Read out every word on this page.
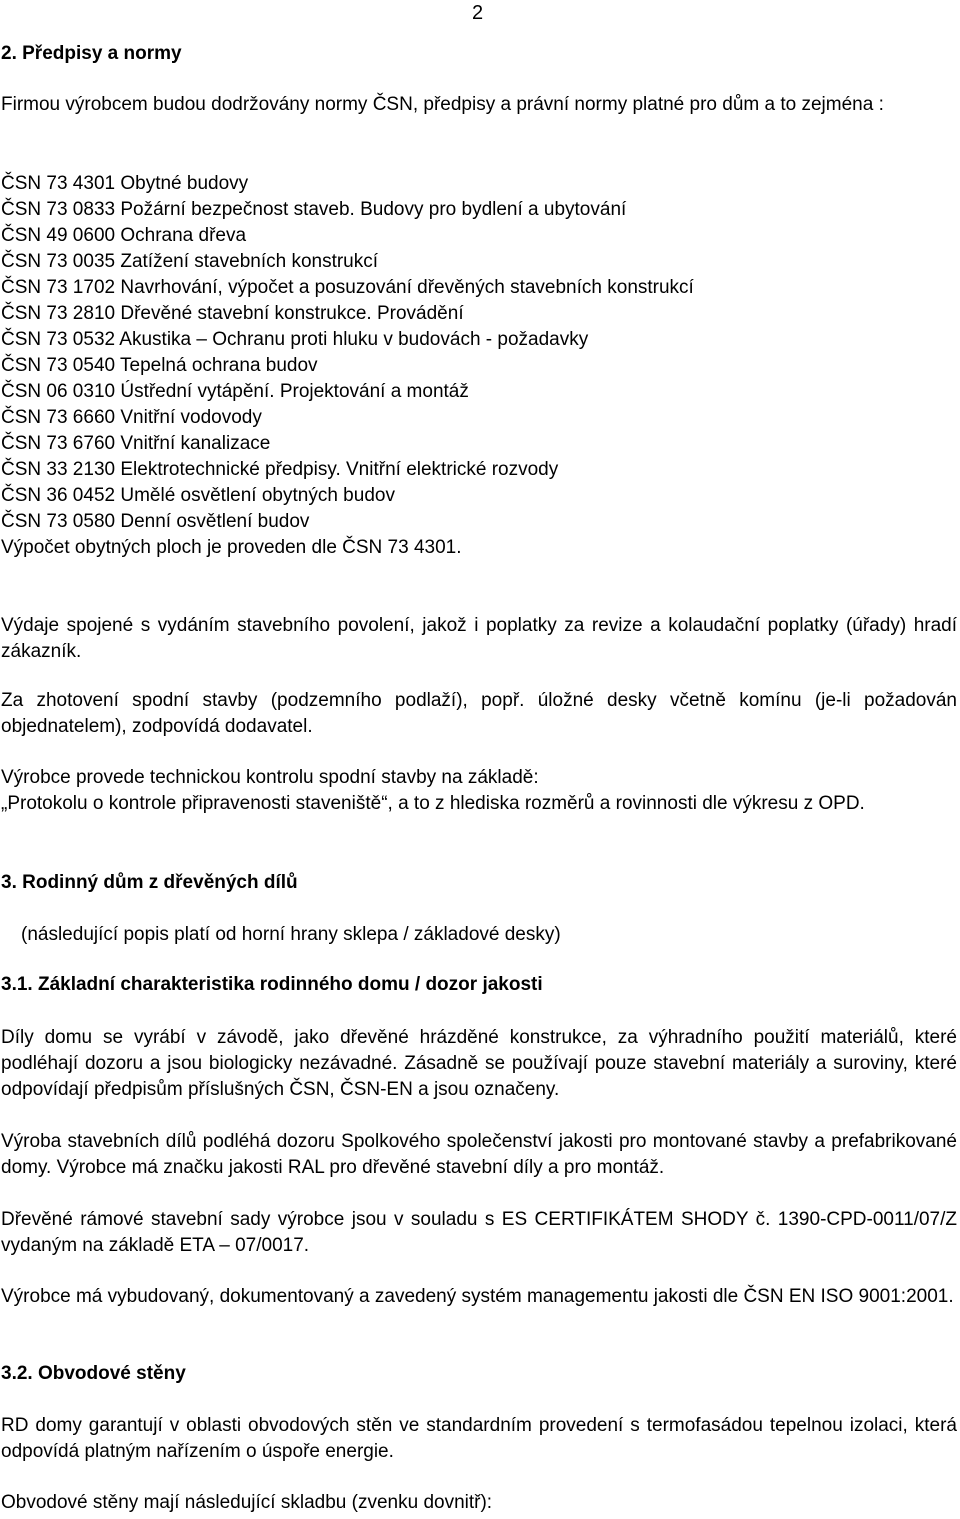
2
2. Předpisy a normy
Firmou výrobcem budou dodržovány normy ČSN, předpisy a právní normy platné pro dům a to zejména :
ČSN 73 4301 Obytné budovy
ČSN 73 0833 Požární bezpečnost staveb. Budovy pro bydlení a ubytování
ČSN 49 0600 Ochrana dřeva
ČSN 73 0035 Zatížení stavebních konstrukcí
ČSN 73 1702 Navrhování, výpočet a posuzování dřevěných stavebních konstrukcí
ČSN 73 2810 Dřevěné stavební konstrukce. Provádění
ČSN 73 0532 Akustika – Ochranu proti hluku v budovách - požadavky
ČSN 73 0540 Tepelná ochrana budov
ČSN 06 0310 Ústřední vytápění. Projektování a montáž
ČSN 73 6660 Vnitřní vodovody
ČSN 73 6760 Vnitřní kanalizace
ČSN 33 2130 Elektrotechnické předpisy. Vnitřní elektrické rozvody
ČSN 36 0452 Umělé osvětlení obytných budov
ČSN 73 0580 Denní osvětlení budov
Výpočet obytných ploch je proveden dle ČSN 73 4301.
Výdaje spojené s vydáním stavebního povolení, jakož i poplatky za revize a kolaudační poplatky (úřady) hradí zákazník.
Za zhotovení spodní stavby (podzemního podlaží), popř. úložné desky včetně komínu (je-li požadován objednatelem), zodpovídá dodavatel.
Výrobce provede technickou kontrolu spodní stavby na základě:
„Protokolu o kontrole připravenosti staveniště“, a to z hlediska rozměrů a rovinnosti dle výkresu z OPD.
3. Rodinný dům z dřevěných dílů
(následující popis platí od horní hrany sklepa / základové desky)
3.1. Základní charakteristika rodinného domu / dozor jakosti
Díly domu se vyrábí v závodě, jako dřevěné hrázděné konstrukce, za výhradního použití materiálů, které podléhají dozoru a jsou biologicky nezávadné. Zásadně se používají pouze stavební materiály a suroviny, které odpovídají předpisům příslušných ČSN, ČSN-EN a jsou označeny.
Výroba stavebních dílů podléhá dozoru Spolkového společenství jakosti pro montované stavby a prefabrikované domy. Výrobce má značku jakosti RAL pro dřevěné stavební díly a pro montáž.
Dřevěné rámové stavební sady výrobce jsou v souladu s ES CERTIFIKÁTEM SHODY č. 1390-CPD-0011/07/Z vydaným na základě ETA – 07/0017.
Výrobce má vybudovaný, dokumentovaný a zavedený systém managementu jakosti dle ČSN EN ISO 9001:2001.
3.2. Obvodové stěny
RD domy garantují v oblasti obvodových stěn ve standardním provedení s termofasádou tepelnou izolaci, která odpovídá platným nařízením o úspoře energie.
Obvodové stěny mají následující skladbu (zvenku dovnitř):
